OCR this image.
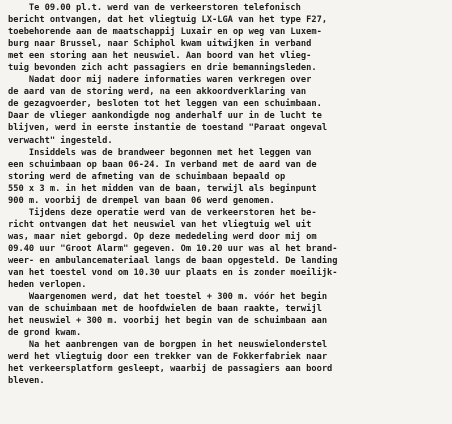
Te 09.00 pl.t. werd van de verkeerstoren telefonisch
bericht ontvangen, dat het vliegtuig LX-LGA van het type F27,
toebehorende aan de maatschappij Luxair en op weg van Luxem-
burg naar Brussel, naar Schiphol kwam uitwijken in verband
met een storing aan het neuswiel. Aan boord van het vlieg-
tuig bevonden zich acht passagiers en drie bemanningsleden.
Nadat door mij nadere informaties waren verkregen over
de aard van de storing werd, na een akkoordverklaring van
de gezagvoerder, besloten tot het leggen van een schuimbaan.
Daar de vlieger aankondigde nog anderhalf uur in de lucht te
blijven, werd in eerste instantie de toestand "Paraat ongeval
verwacht" ingesteld.
Insiddels was de brandweer begonnen met het leggen van
een schuimbaan op baan 06-24. In verband met de aard van de
storing werd de afmeting van de schuimbaan bepaald op
550 x 3 m. in het midden van de baan, terwijl als beginpunt
900 m. voorbij de drempel van baan 06 werd genomen.
Tijdens deze operatie werd van de verkeerstoren het be-
richt ontvangen dat het neuswiel van het vliegtuig wel uit
was, maar niet geborgd. Op deze mededeling werd door mij om
09.40 uur "Groot Alarm" gegeven. Om 10.20 uur was al het brand-
weer- en ambulancemateriaal langs de baan opgesteld. De landing
van het toestel vond om 10.30 uur plaats en is zonder moeilijk-
heden verlopen.
Waargenomen werd, dat het toestel + 300 m. vóór het begin
van de schuimbaan met de hoofdwielen de baan raakte, terwijl
het neuswiel + 300 m. voorbij het begin van de schuimbaan aan
de grond kwam.
Na het aanbrengen van de borgpen in het neuswielonderstel
werd het vliegtuig door een trekker van de Fokkerfabriek naar
het verkeersplatform gesleept, waarbij de passagiers aan boord
bleven.
